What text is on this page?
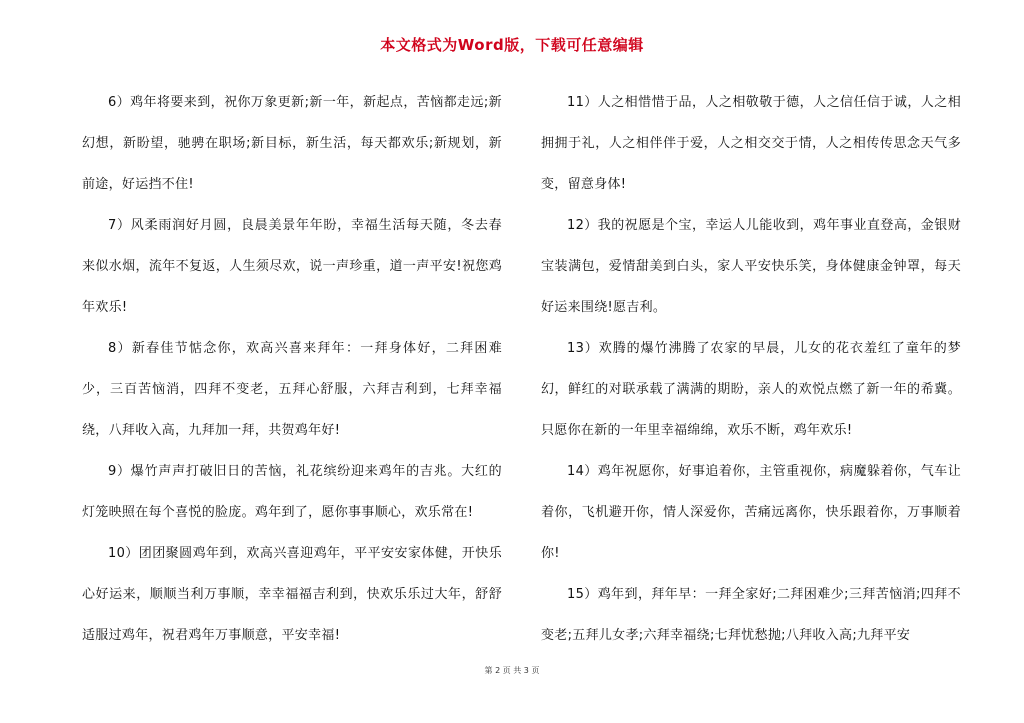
本文格式为Word版，下载可任意编辑

6）鸡年将要来到，祝你万象更新;新一年，新起点，苦恼都走远;新幻想，新盼望，驰骋在职场;新目标，新生活，每天都欢乐;新规划，新前途，好运挡不住!

7）风柔雨润好月圆，良晨美景年年盼，幸福生活每天随，冬去春来似水烟，流年不复返，人生须尽欢，说一声珍重，道一声平安!祝您鸡年欢乐!

8）新春佳节惦念你，欢高兴喜来拜年：一拜身体好，二拜困难少，三百苦恼消，四拜不变老，五拜心舒服，六拜吉利到，七拜幸福绕，八拜收入高，九拜加一拜，共贺鸡年好!

9）爆竹声声打破旧日的苦恼，礼花缤纷迎来鸡年的吉兆。大红的灯笼映照在每个喜悦的脸庞。鸡年到了，愿你事事顺心，欢乐常在!

10）团团聚圆鸡年到，欢高兴喜迎鸡年，平平安安家体健，开快乐心好运来，顺顺当利万事顺，幸幸福福吉利到，快欢乐乐过大年，舒舒适服过鸡年，祝君鸡年万事顺意，平安幸福!

11）人之相惜惜于品，人之相敬敬于德，人之信任信于诚，人之相拥拥于礼，人之相伴伴于爱，人之相交交于情，人之相传传思念天气多变，留意身体!

12）我的祝愿是个宝，幸运人儿能收到，鸡年事业直登高，金银财宝装满包，爱情甜美到白头，家人平安快乐笑，身体健康金钟罩，每天好运来围绕!愿吉利。

13）欢腾的爆竹沸腾了农家的早晨，儿女的花衣羞红了童年的梦幻，鲜红的对联承载了满满的期盼，亲人的欢悦点燃了新一年的希冀。只愿你在新的一年里幸福绵绵，欢乐不断，鸡年欢乐!

14）鸡年祝愿你，好事追着你，主管重视你，病魔躲着你，气车让着你，飞机避开你，情人深爱你，苦痛远离你，快乐跟着你，万事顺着你!

15）鸡年到，拜年早：一拜全家好;二拜困难少;三拜苦恼消;四拜不变老;五拜儿女孝;六拜幸福绕;七拜忧愁抛;八拜收入高;九拜平安

第 2 页 共 3 页
